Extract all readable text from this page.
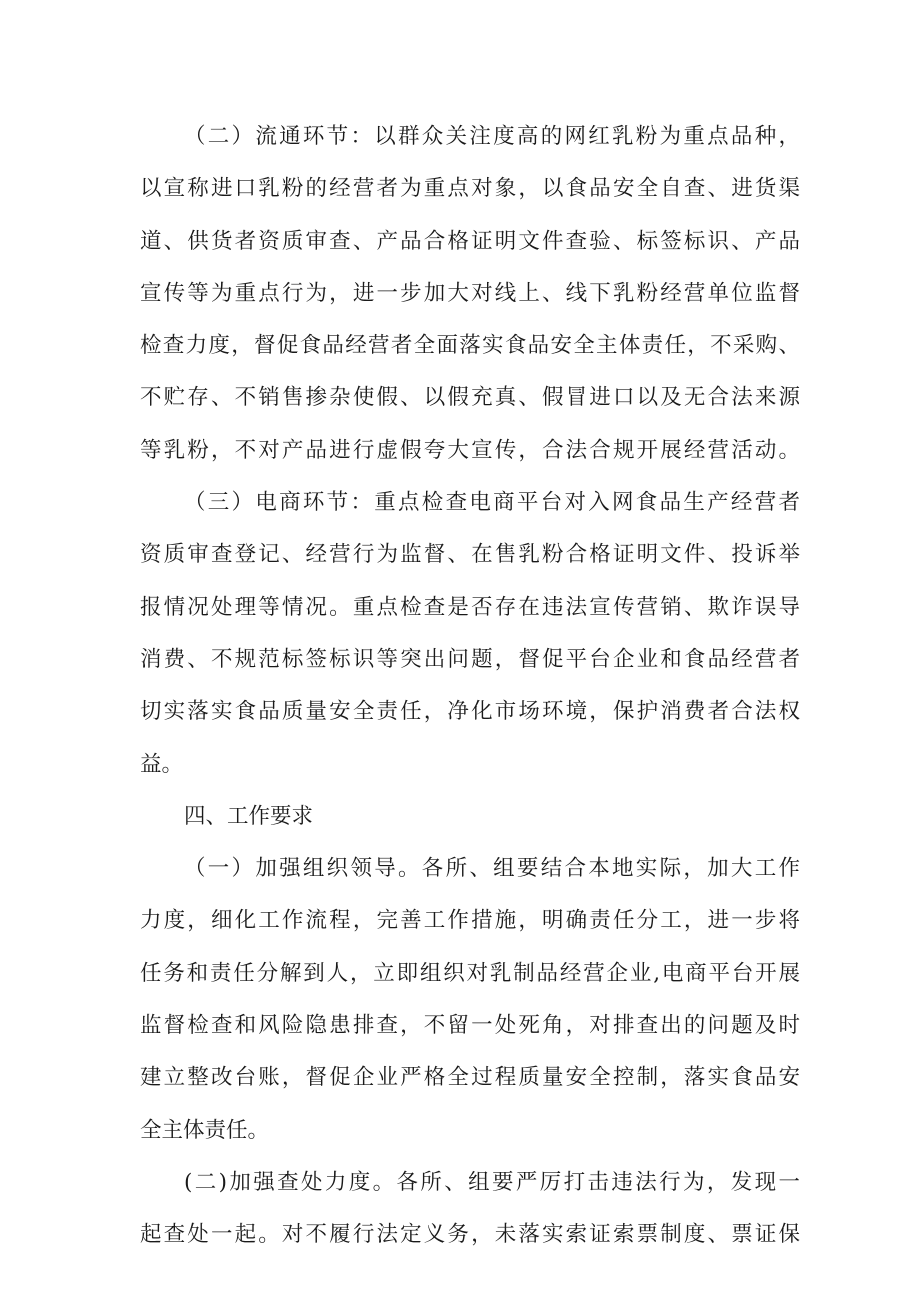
（二）流通环节：以群众关注度高的网红乳粉为重点品种，
以宣称进口乳粉的经营者为重点对象，以食品安全自查、进货渠
道、供货者资质审查、产品合格证明文件查验、标签标识、产品
宣传等为重点行为，进一步加大对线上、线下乳粉经营单位监督
检查力度，督促食品经营者全面落实食品安全主体责任，不采购、
不贮存、不销售掺杂使假、以假充真、假冒进口以及无合法来源
等乳粉，不对产品进行虚假夸大宣传，合法合规开展经营活动。
（三）电商环节：重点检查电商平台对入网食品生产经营者
资质审查登记、经营行为监督、在售乳粉合格证明文件、投诉举
报情况处理等情况。重点检查是否存在违法宣传营销、欺诈误导
消费、不规范标签标识等突出问题，督促平台企业和食品经营者
切实落实食品质量安全责任，净化市场环境，保护消费者合法权
益。
四、工作要求
（一）加强组织领导。各所、组要结合本地实际，加大工作
力度，细化工作流程，完善工作措施，明确责任分工，进一步将
任务和责任分解到人，立即组织对乳制品经营企业,电商平台开展
监督检查和风险隐患排查，不留一处死角，对排查出的问题及时
建立整改台账，督促企业严格全过程质量安全控制，落实食品安
全主体责任。
(二)加强查处力度。各所、组要严厉打击违法行为，发现一
起查处一起。对不履行法定义务，未落实索证索票制度、票证保
